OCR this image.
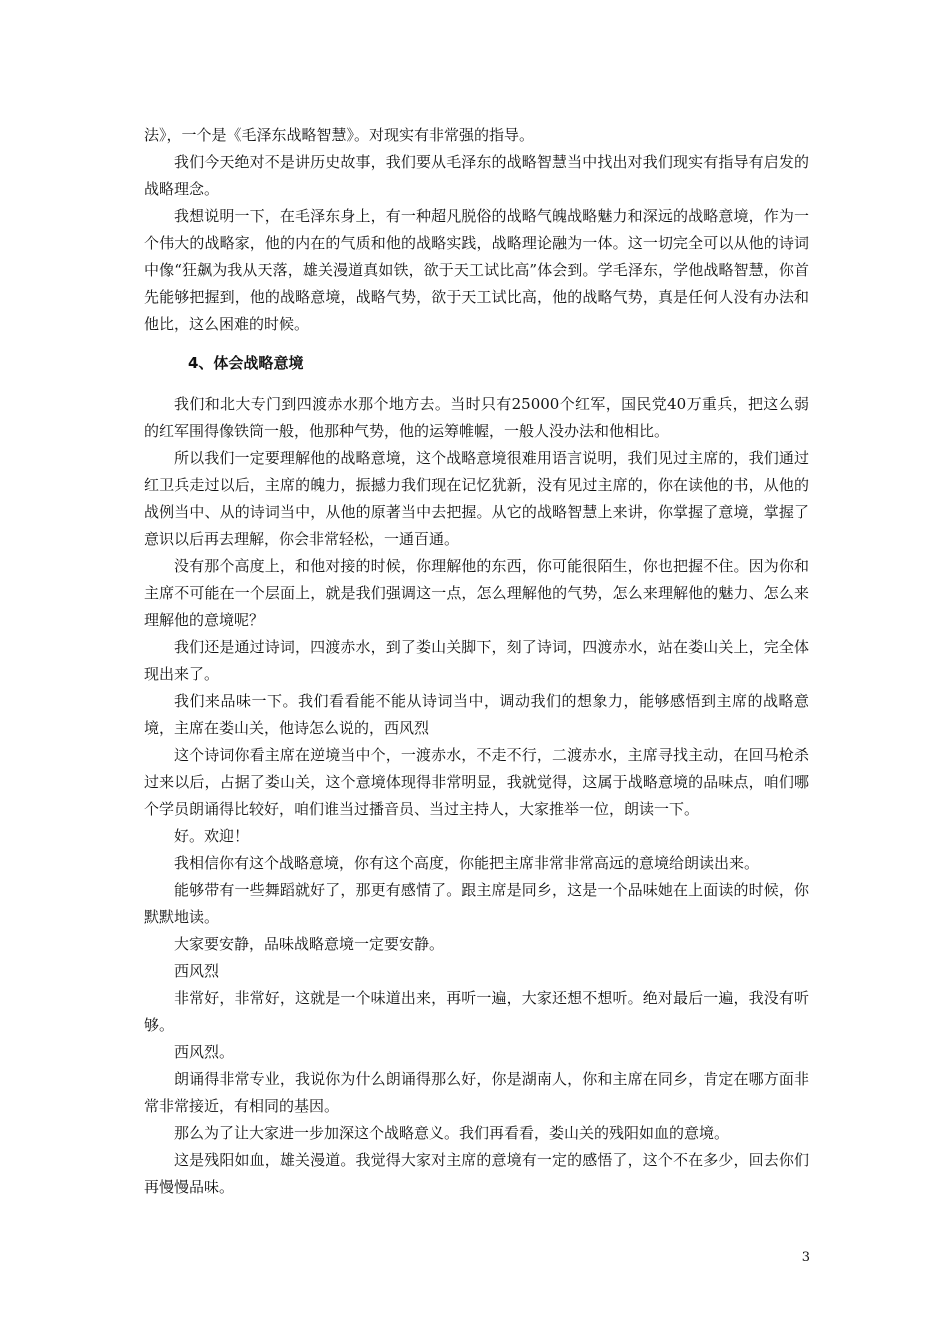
法》，一个是《毛泽东战略智慧》。对现实有非常强的指导。

我们今天绝对不是讲历史故事，我们要从毛泽东的战略智慧当中找出对我们现实有指导有启发的战略理念。

我想说明一下，在毛泽东身上，有一种超凡脱俗的战略气魄战略魅力和深远的战略意境，作为一个伟大的战略家，他的内在的气质和他的战略实践，战略理论融为一体。这一切完全可以从他的诗词中像“狂飙为我从天落，雄关漫道真如铁，欲于天工试比高”体会到。学毛泽东，学他战略智慧，你首先能够把握到，他的战略意境，战略气势，欲于天工试比高，他的战略气势，真是任何人没有办法和他比，这么困难的时候。

4、体会战略意境

我们和北大专门到四渡赤水那个地方去。当时只有25000个红军，国民党40万重兵，把这么弱的红军围得像铁筒一般，他那种气势，他的运筹帷幄，一般人没办法和他相比。

所以我们一定要理解他的战略意境，这个战略意境很难用语言说明，我们见过主席的，我们通过红卫兵走过以后，主席的魄力，振撼力我们现在记忆犹新，没有见过主席的，你在读他的书，从他的战例当中、从的诗词当中，从他的原著当中去把握。从它的战略智慧上来讲，你掌握了意境，掌握了意识以后再去理解，你会非常轻松，一通百通。

没有那个高度上，和他对接的时候，你理解他的东西，你可能很陌生，你也把握不住。因为你和主席不可能在一个层面上，就是我们强调这一点，怎么理解他的气势，怎么来理解他的魅力、怎么来理解他的意境呢？

我们还是通过诗词，四渡赤水，到了娄山关脚下，刻了诗词，四渡赤水，站在娄山关上，完全体现出来了。

我们来品味一下。我们看看能不能从诗词当中，调动我们的想象力，能够感悟到主席的战略意境，主席在娄山关，他诗怎么说的，西风烈

这个诗词你看主席在逆境当中个，一渡赤水，不走不行，二渡赤水，主席寻找主动，在回马枪杀过来以后，占据了娄山关，这个意境体现得非常明显，我就觉得，这属于战略意境的品味点，咱们哪个学员朗诵得比较好，咱们谁当过播音员、当过主持人，大家推举一位，朗读一下。

好。欢迎！

我相信你有这个战略意境，你有这个高度，你能把主席非常非常高远的意境给朗读出来。

能够带有一些舞蹈就好了，那更有感情了。跟主席是同乡，这是一个品味她在上面读的时候，你默默地读。

大家要安静，品味战略意境一定要安静。

西风烈

非常好，非常好，这就是一个味道出来，再听一遍，大家还想不想听。绝对最后一遍，我没有听够。

西风烈。

朗诵得非常专业，我说你为什么朗诵得那么好，你是湖南人，你和主席在同乡，肯定在哪方面非常非常接近，有相同的基因。

那么为了让大家进一步加深这个战略意义。我们再看看，娄山关的残阳如血的意境。

这是残阳如血，雄关漫道。我觉得大家对主席的意境有一定的感悟了，这个不在多少，回去你们再慢慢品味。

3
